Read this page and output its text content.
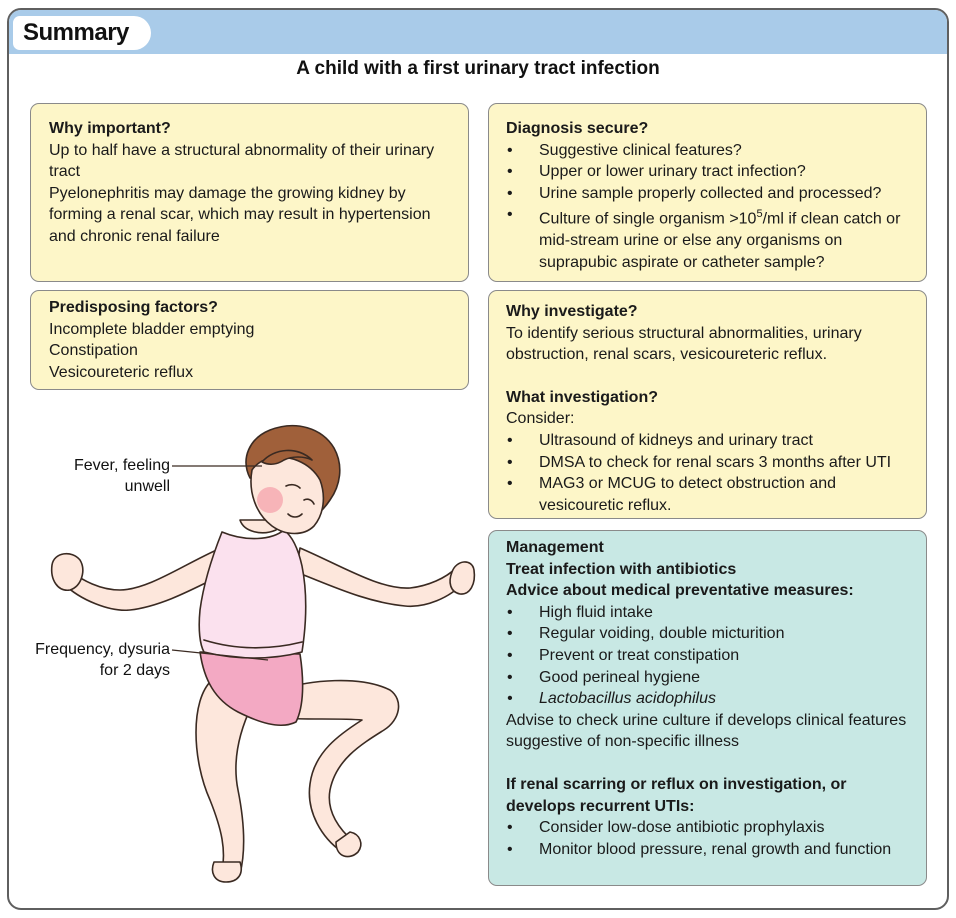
Summary
A child with a first urinary tract infection
Why important?
Up to half have a structural abnormality of their urinary tract
Pyelonephritis may damage the growing kidney by forming a renal scar, which may result in hypertension and chronic renal failure
Predisposing factors?
Incomplete bladder emptying
Constipation
Vesicoureteric reflux
Diagnosis secure?
• Suggestive clinical features?
• Upper or lower urinary tract infection?
• Urine sample properly collected and processed?
• Culture of single organism $>10^5/ml$ if clean catch or mid-stream urine or else any organisms on suprapubic aspirate or catheter sample?
Why investigate?
To identify serious structural abnormalities, urinary obstruction, renal scars, vesicoureteric reflux.
What investigation?
Consider:
• Ultrasound of kidneys and urinary tract
• DMSA to check for renal scars 3 months after UTI
• MAG3 or MCUG to detect obstruction and vesicouretic reflux.
Management
Treat infection with antibiotics
Advice about medical preventative measures:
• High fluid intake
• Regular voiding, double micturition
• Prevent or treat constipation
• Good perineal hygiene
• Lactobacillus acidophilus
Advise to check urine culture if develops clinical features suggestive of non-specific illness
If renal scarring or reflux on investigation, or develops recurrent UTIs:
• Consider low-dose antibiotic prophylaxis
• Monitor blood pressure, renal growth and function
Fever, feeling
unwell
Frequency, dysuria
for 2 days
